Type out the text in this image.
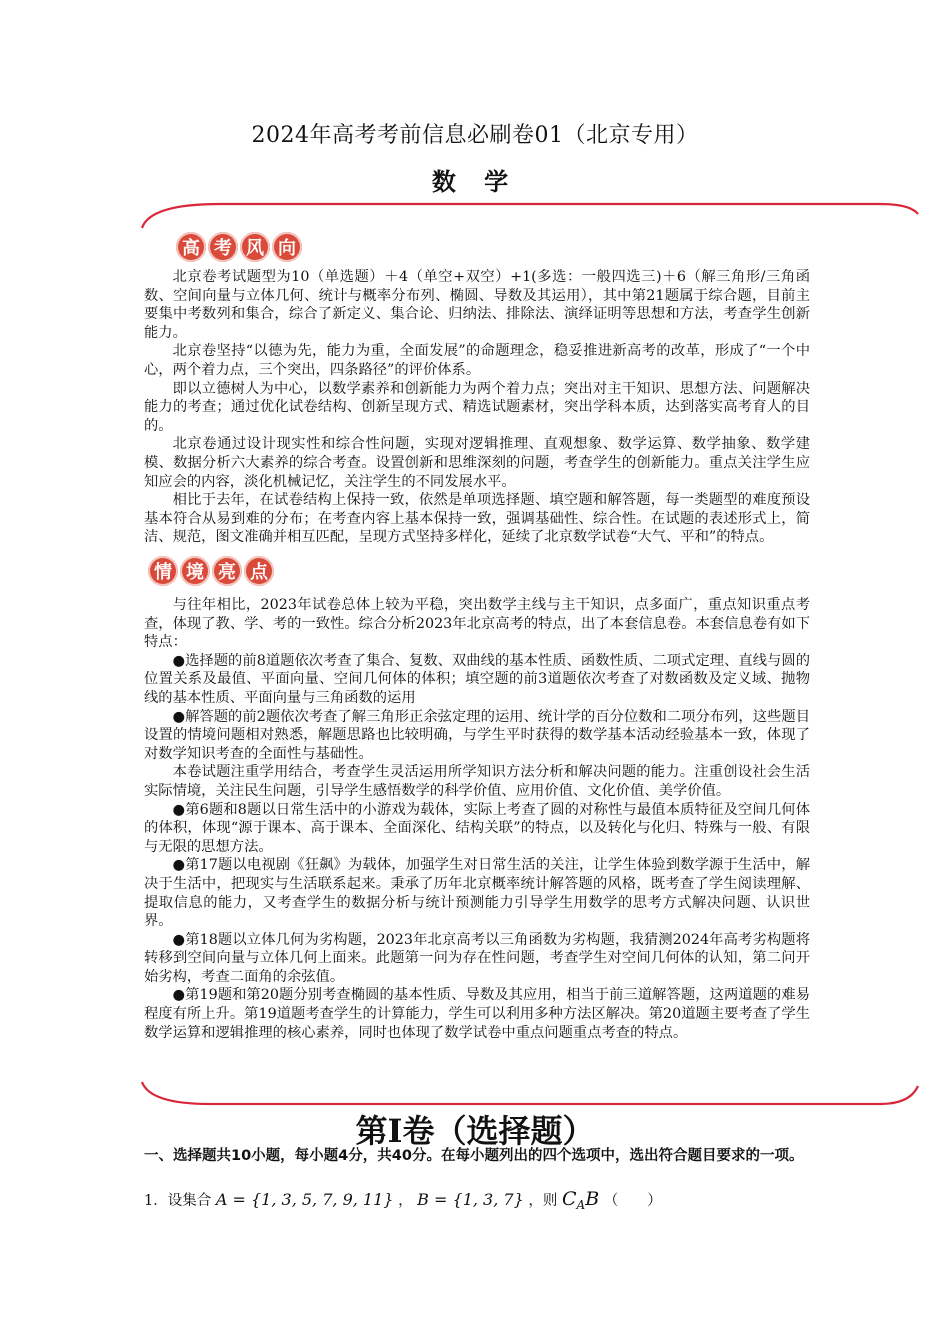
2024年高考考前信息必刷卷01（北京专用）
数 学
高 考 风 向

北京卷考试题型为10（单选题）＋4（单空+双空）+1(多选：一般四选三)＋6（解三角形/三角函数、空间向量与立体几何、统计与概率分布列、椭圆、导数及其运用），其中第21题属于综合题，目前主要集中考数列和集合，综合了新定义、集合论、归纳法、排除法、演绎证明等思想和方法，考查学生创新能力。

北京卷坚持“以德为先，能力为重，全面发展”的命题理念，稳妥推进新高考的改革，形成了“一个中心，两个着力点，三个突出，四条路径”的评价体系。

即以立德树人为中心，以数学素养和创新能力为两个着力点；突出对主干知识、思想方法、问题解决能力的考查；通过优化试卷结构、创新呈现方式、精选试题素材，突出学科本质，达到落实高考育人的目的。

北京卷通过设计现实性和综合性问题，实现对逻辑推理、直观想象、数学运算、数学抽象、数学建模、数据分析六大素养的综合考查。设置创新和思维深刻的问题，考查学生的创新能力。重点关注学生应知应会的内容，淡化机械记忆，关注学生的不同发展水平。

相比于去年，在试卷结构上保持一致，依然是单项选择题、填空题和解答题，每一类题型的难度预设基本符合从易到难的分布；在考查内容上基本保持一致，强调基础性、综合性。在试题的表述形式上，简洁、规范，图文准确并相互匹配，呈现方式坚持多样化，延续了北京数学试卷“大气、平和”的特点。

情 境 亮 点

与往年相比，2023年试卷总体上较为平稳，突出数学主线与主干知识，点多面广，重点知识重点考查，体现了教、学、考的一致性。综合分析2023年北京高考的特点，出了本套信息卷。本套信息卷有如下特点：

●选择题的前8道题依次考查了集合、复数、双曲线的基本性质、函数性质、二项式定理、直线与圆的位置关系及最值、平面向量、空间几何体的体积；填空题的前3道题依次考查了对数函数及定义域、抛物线的基本性质、平面向量与三角函数的运用

●解答题的前2题依次考查了解三角形正余弦定理的运用、统计学的百分位数和二项分布列，这些题目设置的情境问题相对熟悉，解题思路也比较明确，与学生平时获得的数学基本活动经验基本一致，体现了对数学知识考查的全面性与基础性。

本卷试题注重学用结合，考查学生灵活运用所学知识方法分析和解决问题的能力。注重创设社会生活实际情境，关注民生问题，引导学生感悟数学的科学价值、应用价值、文化价值、美学价值。

●第6题和8题以日常生活中的小游戏为载体，实际上考查了圆的对称性与最值本质特征及空间几何体的体积，体现“源于课本、高于课本、全面深化、结构关联”的特点，以及转化与化归、特殊与一般、有限与无限的思想方法。

●第17题以电视剧《狂飙》为载体，加强学生对日常生活的关注，让学生体验到数学源于生活中，解决于生活中，把现实与生活联系起来。秉承了历年北京概率统计解答题的风格，既考查了学生阅读理解、提取信息的能力，又考查学生的数据分析与统计预测能力引导学生用数学的思考方式解决问题、认识世界。

●第18题以立体几何为劣构题，2023年北京高考以三角函数为劣构题，我猜测2024年高考劣构题将转移到空间向量与立体几何上面来。此题第一问为存在性问题，考查学生对空间几何体的认知，第二问开始劣构，考查二面角的余弦值。

●第19题和第20题分别考查椭圆的基本性质、导数及其应用，相当于前三道解答题，这两道题的难易程度有所上升。第19道题考查学生的计算能力，学生可以利用多种方法区解决。第20道题主要考查了学生数学运算和逻辑推理的核心素养，同时也体现了数学试卷中重点问题重点考查的特点。

第Ⅰ卷（选择题）
一、选择题共10小题，每小题4分，共40分。在每小题列出的四个选项中，选出符合题目要求的一项。
1．设集合 A = {1, 3, 5, 7, 9, 11} ， B = {1, 3, 7} ，则 $C_AB$ （　　）
